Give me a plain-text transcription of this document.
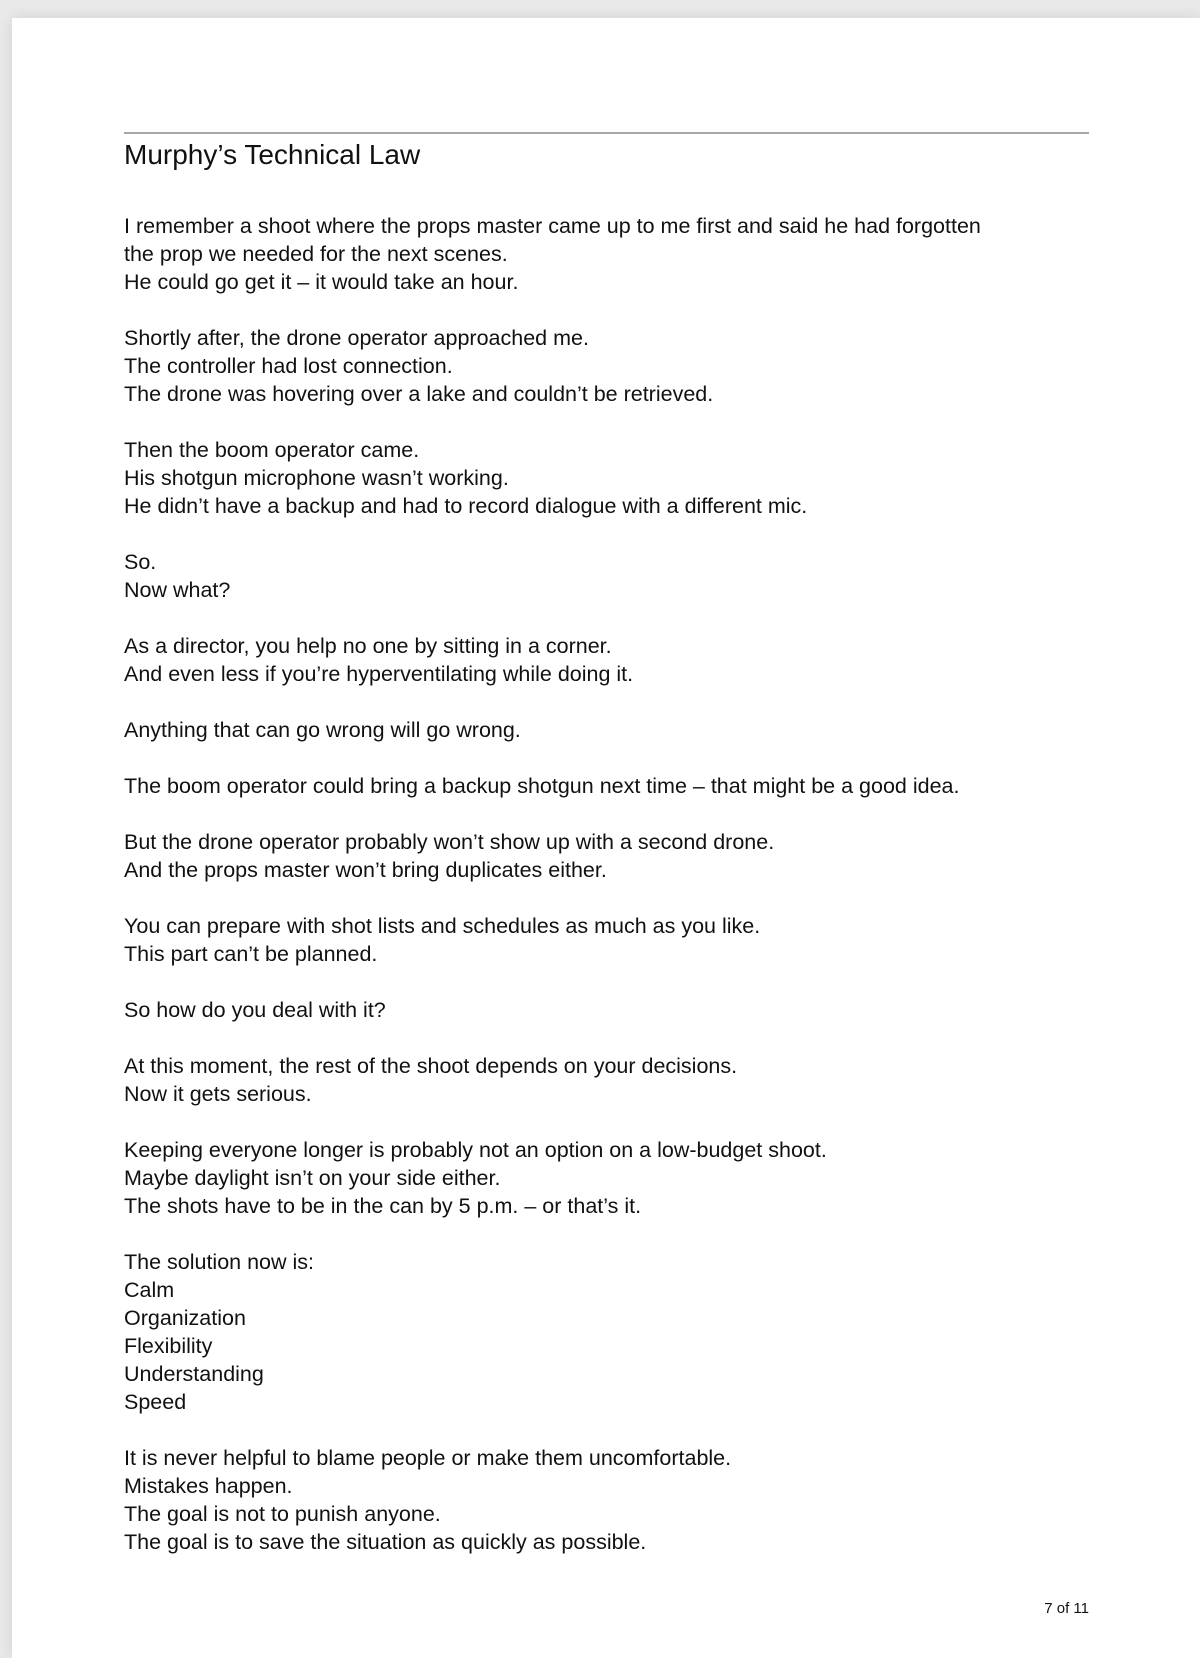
Murphy’s Technical Law

I remember a shoot where the props master came up to me first and said he had forgotten
the prop we needed for the next scenes.
He could go get it – it would take an hour.

Shortly after, the drone operator approached me.
The controller had lost connection.
The drone was hovering over a lake and couldn’t be retrieved.

Then the boom operator came.
His shotgun microphone wasn’t working.
He didn’t have a backup and had to record dialogue with a different mic.

So.
Now what?

As a director, you help no one by sitting in a corner.
And even less if you’re hyperventilating while doing it.

Anything that can go wrong will go wrong.

The boom operator could bring a backup shotgun next time – that might be a good idea.

But the drone operator probably won’t show up with a second drone.
And the props master won’t bring duplicates either.

You can prepare with shot lists and schedules as much as you like.
This part can’t be planned.

So how do you deal with it?

At this moment, the rest of the shoot depends on your decisions.
Now it gets serious.

Keeping everyone longer is probably not an option on a low-budget shoot.
Maybe daylight isn’t on your side either.
The shots have to be in the can by 5 p.m. – or that’s it.

The solution now is:
Calm
Organization
Flexibility
Understanding
Speed

It is never helpful to blame people or make them uncomfortable.
Mistakes happen.
The goal is not to punish anyone.
The goal is to save the situation as quickly as possible.

7 of 11
